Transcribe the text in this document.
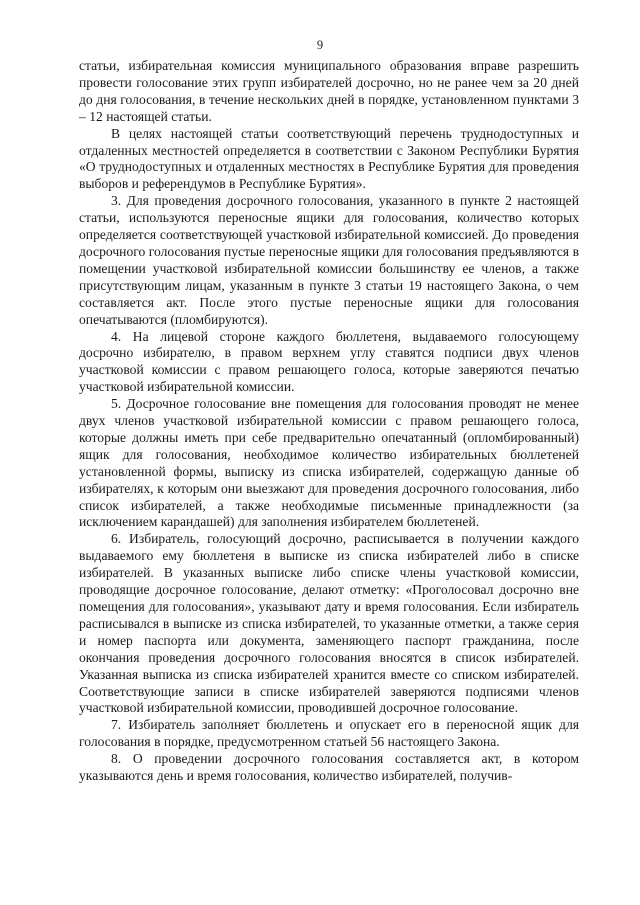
9

статьи, избирательная комиссия муниципального образования вправе разрешить провести голосование этих групп избирателей досрочно, но не ранее чем за 20 дней до дня голосования, в течение нескольких дней в порядке, установленном пунктами 3 – 12 настоящей статьи.

В целях настоящей статьи соответствующий перечень труднодоступных и отдаленных местностей определяется в соответствии с Законом Республики Бурятия «О труднодоступных и отдаленных местностях в Республике Бурятия для проведения выборов и референдумов в Республике Бурятия».

3. Для проведения досрочного голосования, указанного в пункте 2 настоящей статьи, используются переносные ящики для голосования, количество которых определяется соответствующей участковой избирательной комиссией. До проведения досрочного голосования пустые переносные ящики для голосования предъявляются в помещении участковой избирательной комиссии большинству ее членов, а также присутствующим лицам, указанным в пункте 3 статьи 19 настоящего Закона, о чем составляется акт. После этого пустые переносные ящики для голосования опечатываются (пломбируются).

4. На лицевой стороне каждого бюллетеня, выдаваемого голосующему досрочно избирателю, в правом верхнем углу ставятся подписи двух членов участковой комиссии с правом решающего голоса, которые заверяются печатью участковой избирательной комиссии.

5. Досрочное голосование вне помещения для голосования проводят не менее двух членов участковой избирательной комиссии с правом решающего голоса, которые должны иметь при себе предварительно опечатанный (опломбированный) ящик для голосования, необходимое количество избирательных бюллетеней установленной формы, выписку из списка избирателей, содержащую данные об избирателях, к которым они выезжают для проведения досрочного голосования, либо список избирателей, а также необходимые письменные принадлежности (за исключением карандашей) для заполнения избирателем бюллетеней.

6. Избиратель, голосующий досрочно, расписывается в получении каждого выдаваемого ему бюллетеня в выписке из списка избирателей либо в списке избирателей. В указанных выписке либо списке члены участковой комиссии, проводящие досрочное голосование, делают отметку: «Проголосовал досрочно вне помещения для голосования», указывают дату и время голосования. Если избиратель расписывался в выписке из списка избирателей, то указанные отметки, а также серия и номер паспорта или документа, заменяющего паспорт гражданина, после окончания проведения досрочного голосования вносятся в список избирателей. Указанная выписка из списка избирателей хранится вместе со списком избирателей. Соответствующие записи в списке избирателей заверяются подписями членов участковой избирательной комиссии, проводившей досрочное голосование.

7. Избиратель заполняет бюллетень и опускает его в переносной ящик для голосования в порядке, предусмотренном статьей 56 настоящего Закона.

8. О проведении досрочного голосования составляется акт, в котором указываются день и время голосования, количество избирателей, получив-
